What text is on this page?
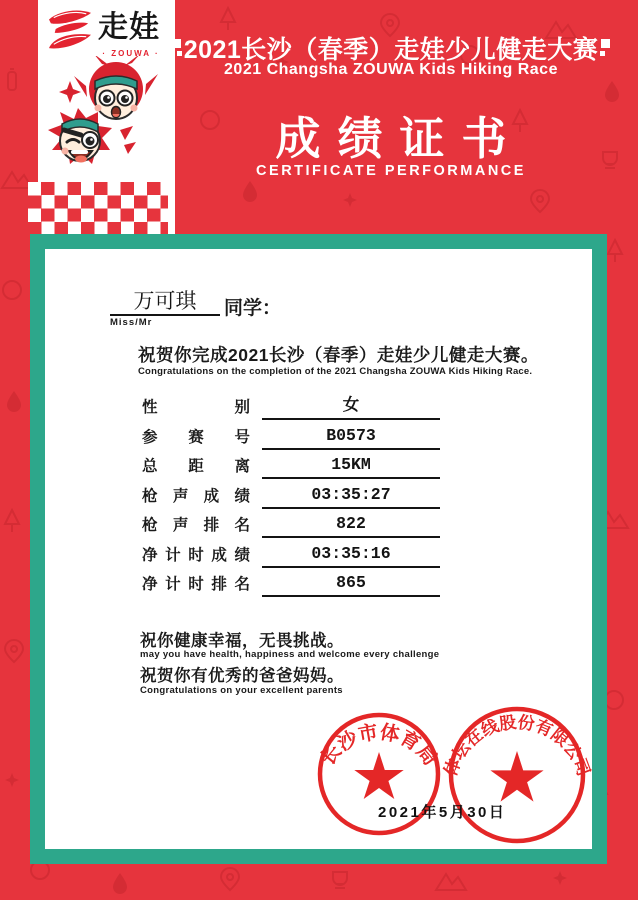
走娃
· ZOUWA · 2021长沙（春季）走娃少儿健走大赛
2021 Changsha ZOUWA Kids Hiking Race
成绩证书
CERTIFICATE PERFORMANCE
万可琪	同学：
Miss/Mr
祝贺你完成2021长沙（春季）走娃少儿健走大赛。
Congratulations on the completion of the 2021 Changsha ZOUWA Kids Hiking Race.
性别	女
参赛号	B0573
总距离	15KM
枪声成绩	03:35:27
枪声排名	822
净计时成绩	03:35:16
净计时排名	865
祝你健康幸福，无畏挑战。
may you have health, happiness and welcome every challenge
祝贺你有优秀的爸爸妈妈。
Congratulations on your excellent parents
长沙市体育局 体坛在线股份有限公司
2021年5月30日
